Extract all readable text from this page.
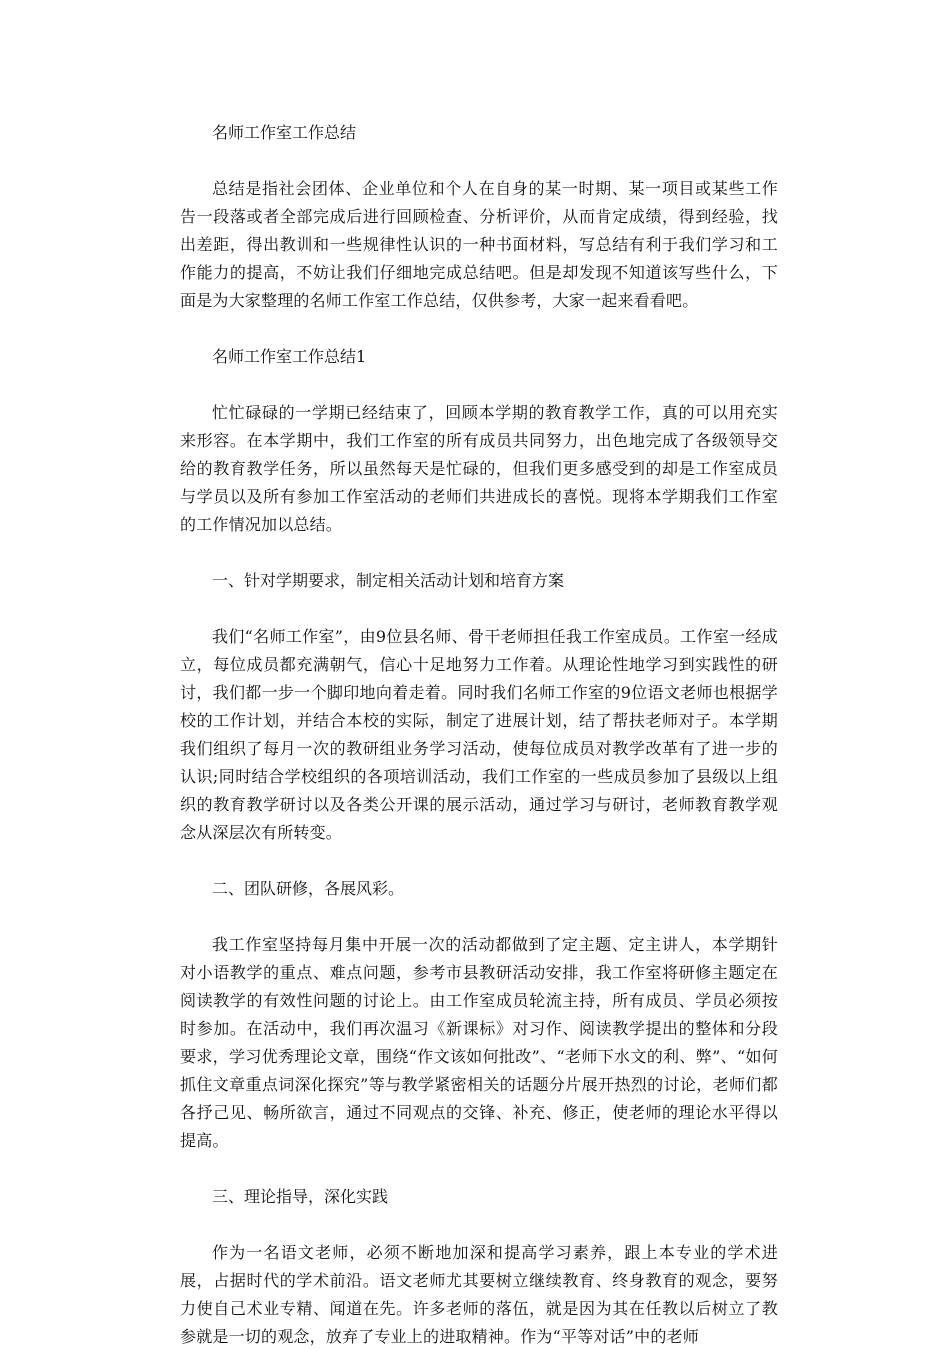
名师工作室工作总结

总结是指社会团体、企业单位和个人在自身的某一时期、某一项目或某些工作告一段落或者全部完成后进行回顾检查、分析评价，从而肯定成绩，得到经验，找出差距，得出教训和一些规律性认识的一种书面材料，写总结有利于我们学习和工作能力的提高，不妨让我们仔细地完成总结吧。但是却发现不知道该写些什么，下面是为大家整理的名师工作室工作总结，仅供参考，大家一起来看看吧。

名师工作室工作总结1

忙忙碌碌的一学期已经结束了，回顾本学期的教育教学工作，真的可以用充实来形容。在本学期中，我们工作室的所有成员共同努力，出色地完成了各级领导交给的教育教学任务，所以虽然每天是忙碌的，但我们更多感受到的却是工作室成员与学员以及所有参加工作室活动的老师们共进成长的喜悦。现将本学期我们工作室的工作情况加以总结。

一、针对学期要求，制定相关活动计划和培育方案

我们“名师工作室”，由9位县名师、骨干老师担任我工作室成员。工作室一经成立，每位成员都充满朝气，信心十足地努力工作着。从理论性地学习到实践性的研讨，我们都一步一个脚印地向着走着。同时我们名师工作室的9位语文老师也根据学校的工作计划，并结合本校的实际，制定了进展计划，结了帮扶老师对子。本学期我们组织了每月一次的教研组业务学习活动，使每位成员对教学改革有了进一步的认识;同时结合学校组织的各项培训活动，我们工作室的一些成员参加了县级以上组织的教育教学研讨以及各类公开课的展示活动，通过学习与研讨，老师教育教学观念从深层次有所转变。

二、团队研修，各展风彩。

我工作室坚持每月集中开展一次的活动都做到了定主题、定主讲人，本学期针对小语教学的重点、难点问题，参考市县教研活动安排，我工作室将研修主题定在阅读教学的有效性问题的讨论上。由工作室成员轮流主持，所有成员、学员必须按时参加。在活动中，我们再次温习《新课标》对习作、阅读教学提出的整体和分段要求，学习优秀理论文章，围绕“作文该如何批改”、“老师下水文的利、弊”、“如何抓住文章重点词深化探究”等与教学紧密相关的话题分片展开热烈的讨论，老师们都各抒己见、畅所欲言，通过不同观点的交锋、补充、修正，使老师的理论水平得以提高。

三、理论指导，深化实践

作为一名语文老师，必须不断地加深和提高学习素养，跟上本专业的学术进展，占据时代的学术前沿。语文老师尤其要树立继续教育、终身教育的观念，要努力使自己术业专精、闻道在先。许多老师的落伍，就是因为其在任教以后树立了教参就是一切的观念，放弃了专业上的进取精神。作为“平等对话”中的老师
